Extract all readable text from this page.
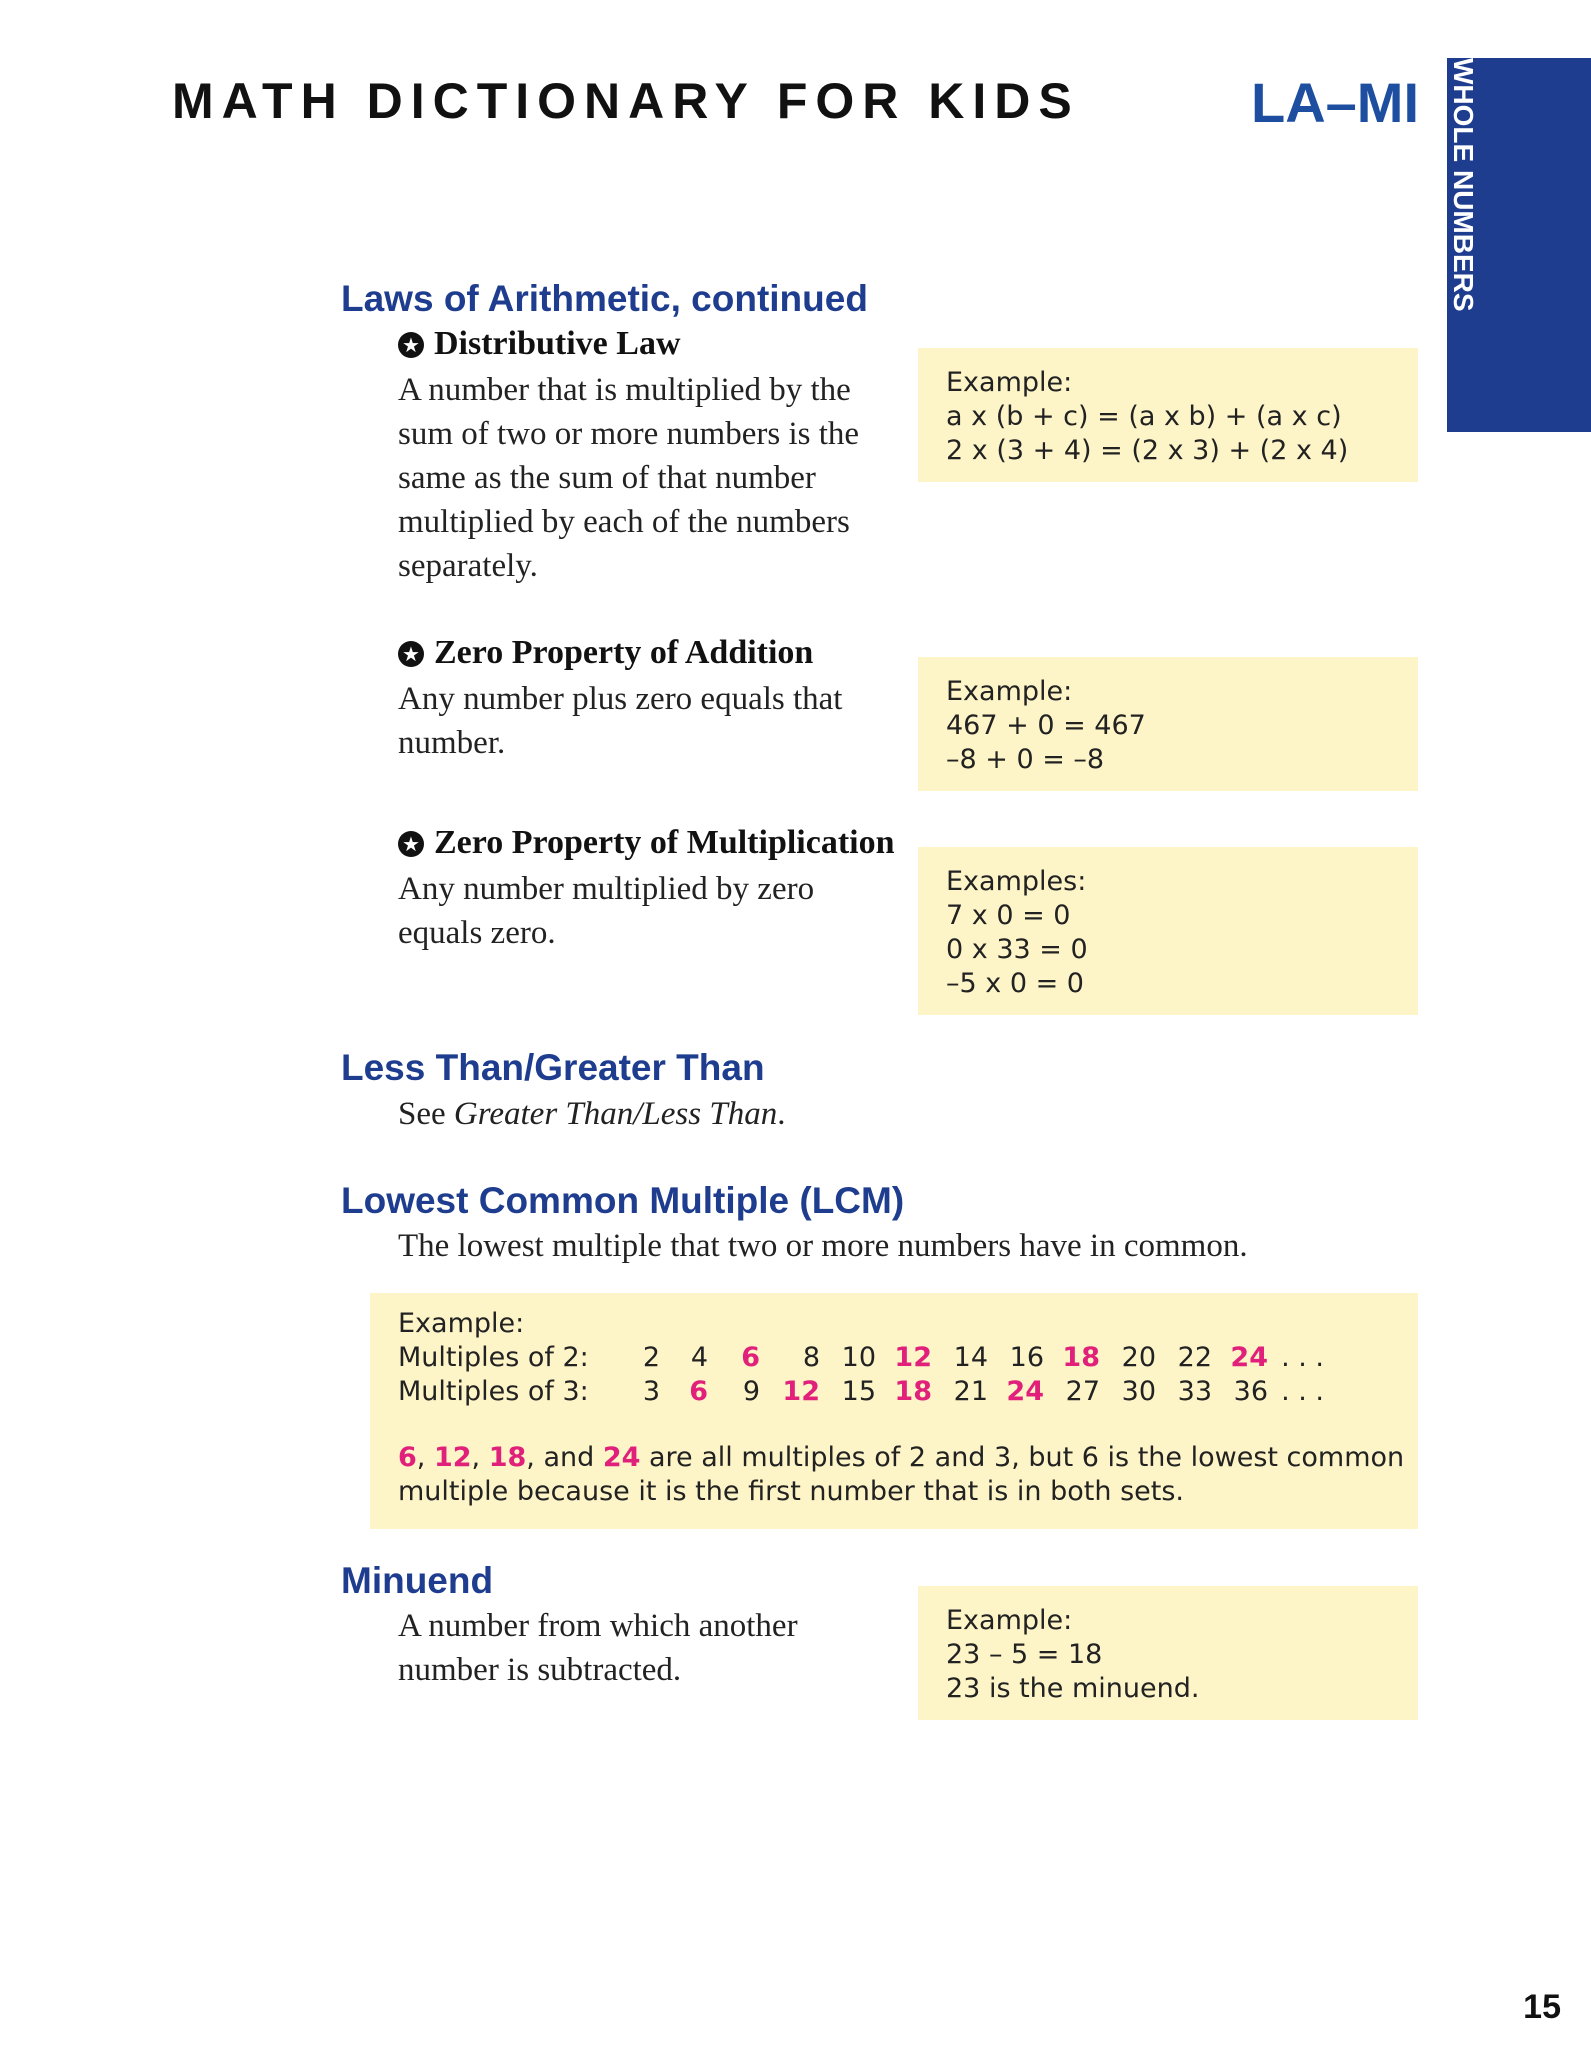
MATH DICTIONARY FOR KIDS	LA–MI WHOLE NUMBERS
AND OPERATIONS
Laws of Arithmetic, continued
★ Distributive Law

A number that is multiplied by the sum of two or more numbers is the same as the sum of that number multiplied by each of the numbers separately.

Example:
a x (b + c) = (a x b) + (a x c)
2 x (3 + 4) = (2 x 3) + (2 x 4)
★ Zero Property of Addition

Any number plus zero equals that number.

Example:
467 + 0 = 467
–8 + 0 = –8
★ Zero Property of Multiplication

Any number multiplied by zero equals zero.

Examples:
7 x 0 = 0
0 x 33 = 0
–5 x 0 = 0
Less Than/Greater Than

See Greater Than/Less Than.

Lowest Common Multiple (LCM)

The lowest multiple that two or more numbers have in common.

Example:
Multiples of 2:	2 4 6 8 10 12 14 16 18 20 22 24 . . .
Multiples of 3:	3 6 9 12 15 18 21 24 27 30 33 36 . . .
6, 12, 18, and 24 are all multiples of 2 and 3, but 6 is the lowest common
multiple because it is the first number that is in both sets.
Minuend

A number from which another number is subtracted.

Example:
23 – 5 = 18
23 is the minuend.
15
